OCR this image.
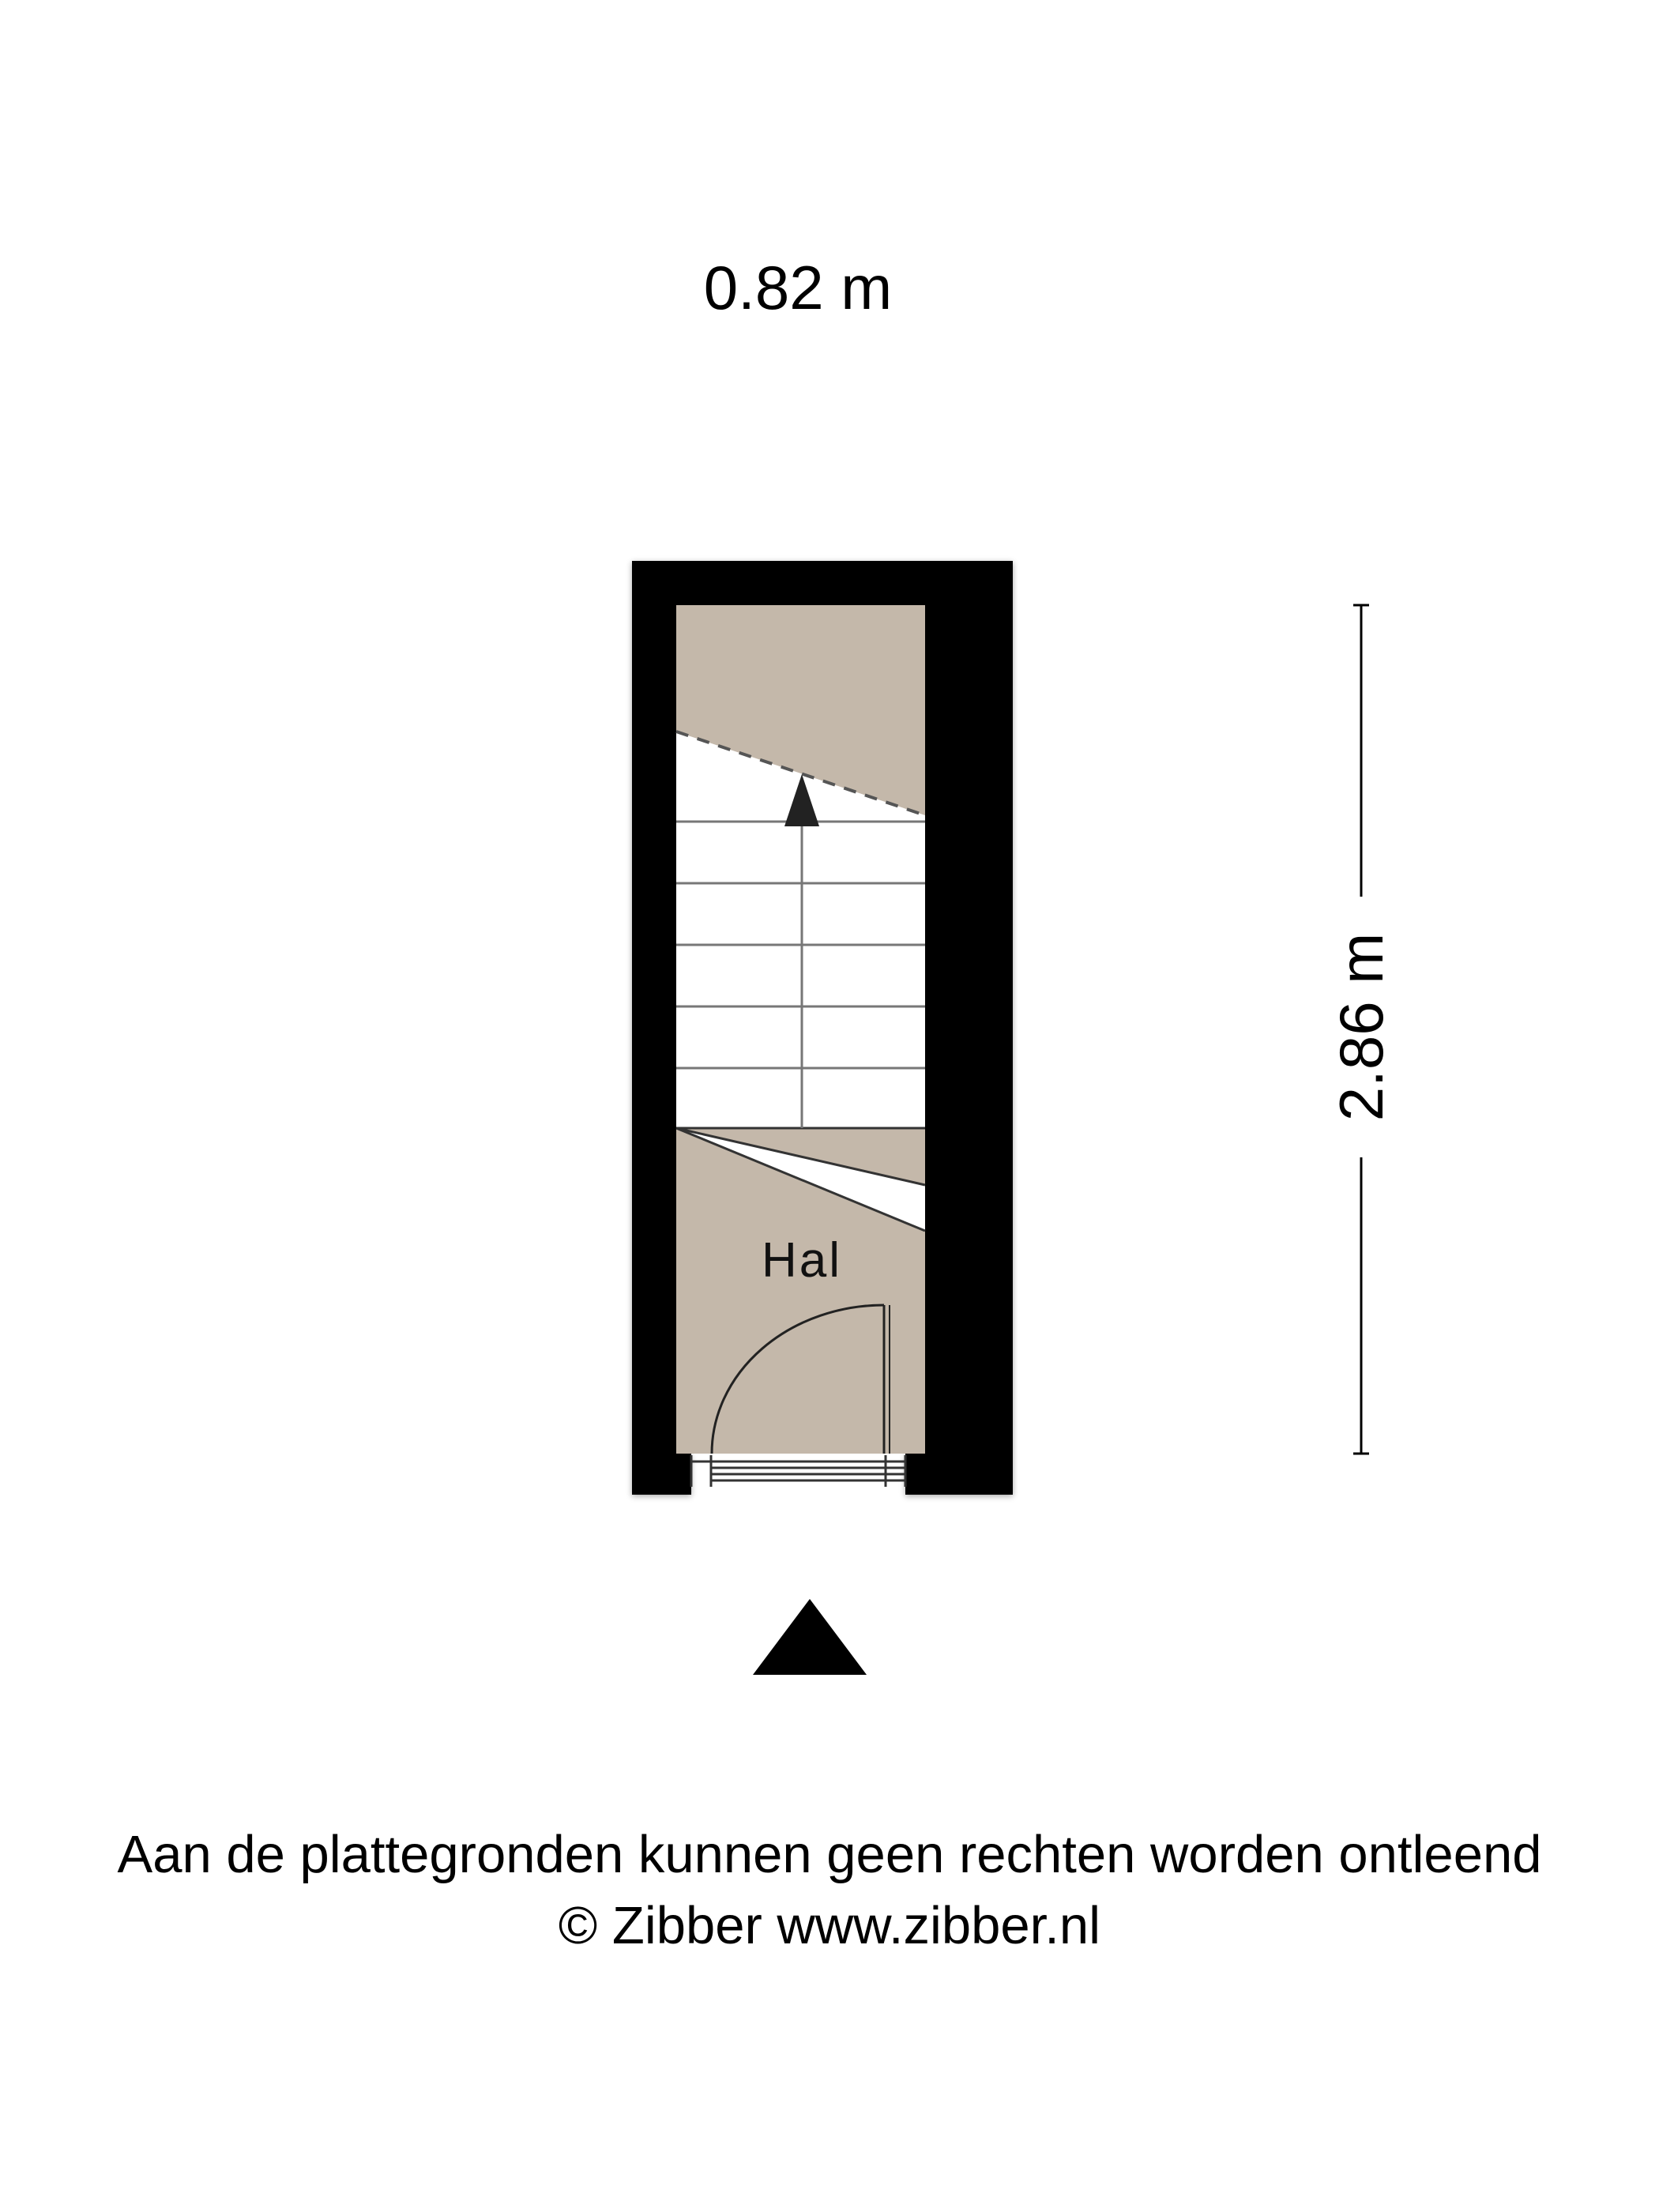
0.82 m
2.86 m
Hal
Aan de plattegronden kunnen geen rechten worden ontleend
© Zibber www.zibber.nl
